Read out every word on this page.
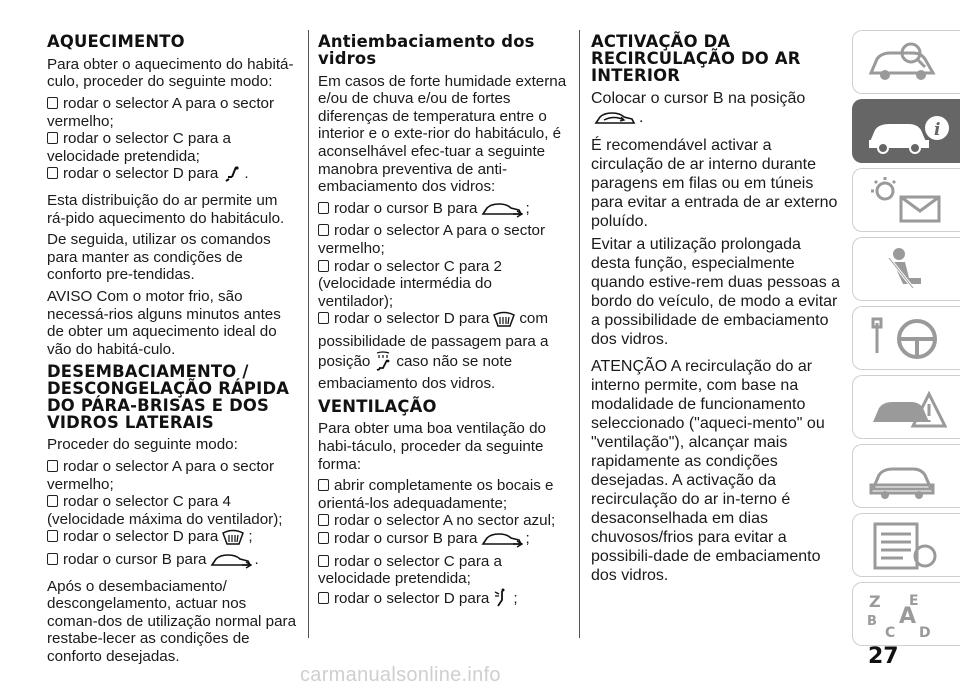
AQUECIMENTO

Para obter o aquecimento do habitá-culo, proceder do seguinte modo:

rodar o selector A para o sector vermelho;

rodar o selector C para a velocidade pretendida;

rodar o selector D para .

Esta distribuição do ar permite um rá-pido aquecimento do habitáculo.

De seguida, utilizar os comandos para manter as condições de conforto pre-tendidas.

AVISO Com o motor frio, são necessá-rios alguns minutos antes de obter um aquecimento ideal do vão do habitá-culo.

DESEMBACIAMENTO / DESCONGELAÇÃO RÁPIDA DO PÁRA-BRISAS E DOS VIDROS LATERAIS

Proceder do seguinte modo:

rodar o selector A para o sector vermelho;

rodar o selector C para 4 (velocidade máxima do ventilador);

rodar o selector D para ;

rodar o cursor B para	.

Após o desembaciamento/ descongelamento, actuar nos coman-dos de utilização normal para restabe-lecer as condições de conforto desejadas.

Antiembaciamento dos vidros

Em casos de forte humidade externa e/ou de chuva e/ou de fortes diferenças de temperatura entre o interior e o exte-rior do habitáculo, é aconselhável efec-tuar a seguinte manobra preventiva de anti-embaciamento dos vidros:

rodar o cursor B para	;

rodar o selector A para o sector vermelho;

rodar o selector C para 2 (velocidade intermédia do ventilador);

rodar o selector D para com possibilidade de passagem para a posição caso não se note embaciamento dos vidros.

VENTILAÇÃO

Para obter uma boa ventilação do habi-táculo, proceder da seguinte forma:

abrir completamente os bocais e orientá-los adequadamente;

rodar o selector A no sector azul;

rodar o cursor B para	;

rodar o selector C para a velocidade pretendida;

rodar o selector D para ;

ACTIVAÇÃO DA RECIRCULAÇÃO DO AR INTERIOR

Colocar o cursor B na posição.

É recomendável activar a circulação de ar interno durante paragens em filas ou em túneis para evitar a entrada de ar externo poluído.

Evitar a utilização prolongada desta função, especialmente quando estive-rem duas pessoas a bordo do veículo, de modo a evitar a possibilidade de embaciamento dos vidros.

ATENÇÃO A recirculação do ar interno permite, com base na modalidade de funcionamento seleccionado ("aqueci-mento" ou "ventilação"), alcançar mais rapidamente as condições desejadas. A activação da recirculação do ar in-terno é desaconselhada em dias chuvosos/frios para evitar a possibili-dade de embaciamento dos vidros.

i
Z E
B A
C D
27
carmanualsonline.info
